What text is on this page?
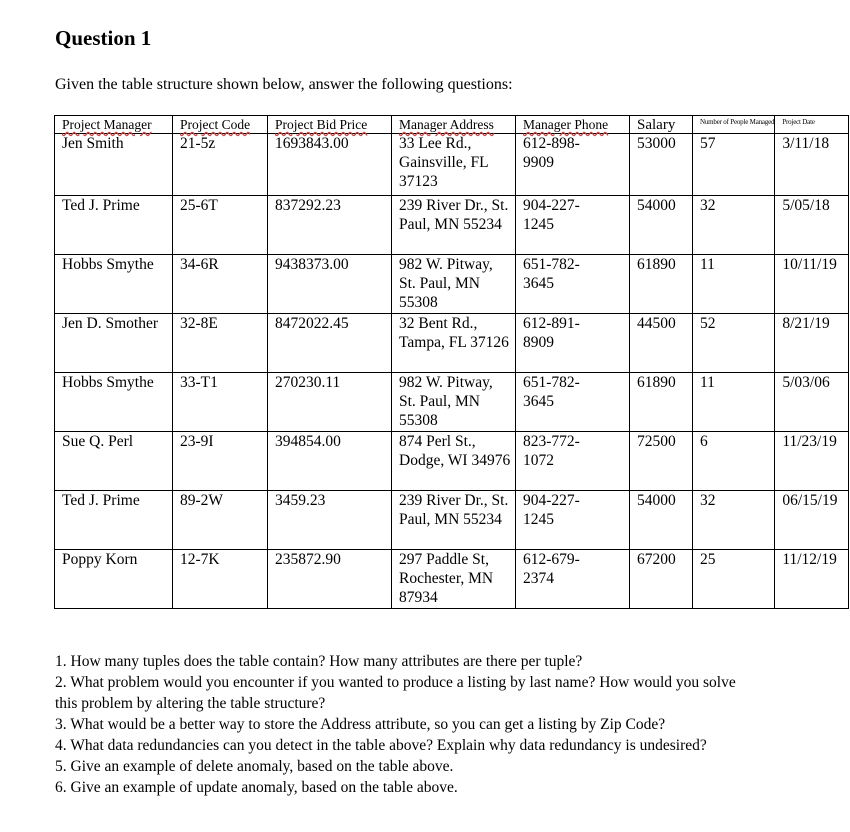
Question 1

Given the table structure shown below, answer the following questions:

Project Manager	Project Code	Project Bid Price	Manager Address	Manager Phone	Salary	Number of People Managed	Project Date
Jen Smith	21-5z	1693843.00	33 Lee Rd., Gainsville, FL 37123	612-898-9909	53000	57	3/11/18
Ted J. Prime	25-6T	837292.23	239 River Dr., St. Paul, MN 55234	904-227-1245	54000	32	5/05/18
Hobbs Smythe	34-6R	9438373.00	982 W. Pitway, St. Paul, MN 55308	651-782-3645	61890	11	10/11/19
Jen D. Smother	32-8E	8472022.45	32 Bent Rd., Tampa, FL 37126	612-891-8909	44500	52	8/21/19
Hobbs Smythe	33-T1	270230.11	982 W. Pitway, St. Paul, MN 55308	651-782-3645	61890	11	5/03/06
Sue Q. Perl	23-9I	394854.00	874 Perl St., Dodge, WI 34976	823-772-1072	72500	6	11/23/19
Ted J. Prime	89-2W	3459.23	239 River Dr., St. Paul, MN 55234	904-227-1245	54000	32	06/15/19
Poppy Korn	12-7K	235872.90	297 Paddle St, Rochester, MN 87934	612-679-2374	67200	25	11/12/19

1. How many tuples does the table contain? How many attributes are there per tuple?

2. What problem would you encounter if you wanted to produce a listing by last name? How would you solve this problem by altering the table structure?

3. What would be a better way to store the Address attribute, so you can get a listing by Zip Code?

4. What data redundancies can you detect in the table above? Explain why data redundancy is undesired?

5. Give an example of delete anomaly, based on the table above.

6. Give an example of update anomaly, based on the table above.
